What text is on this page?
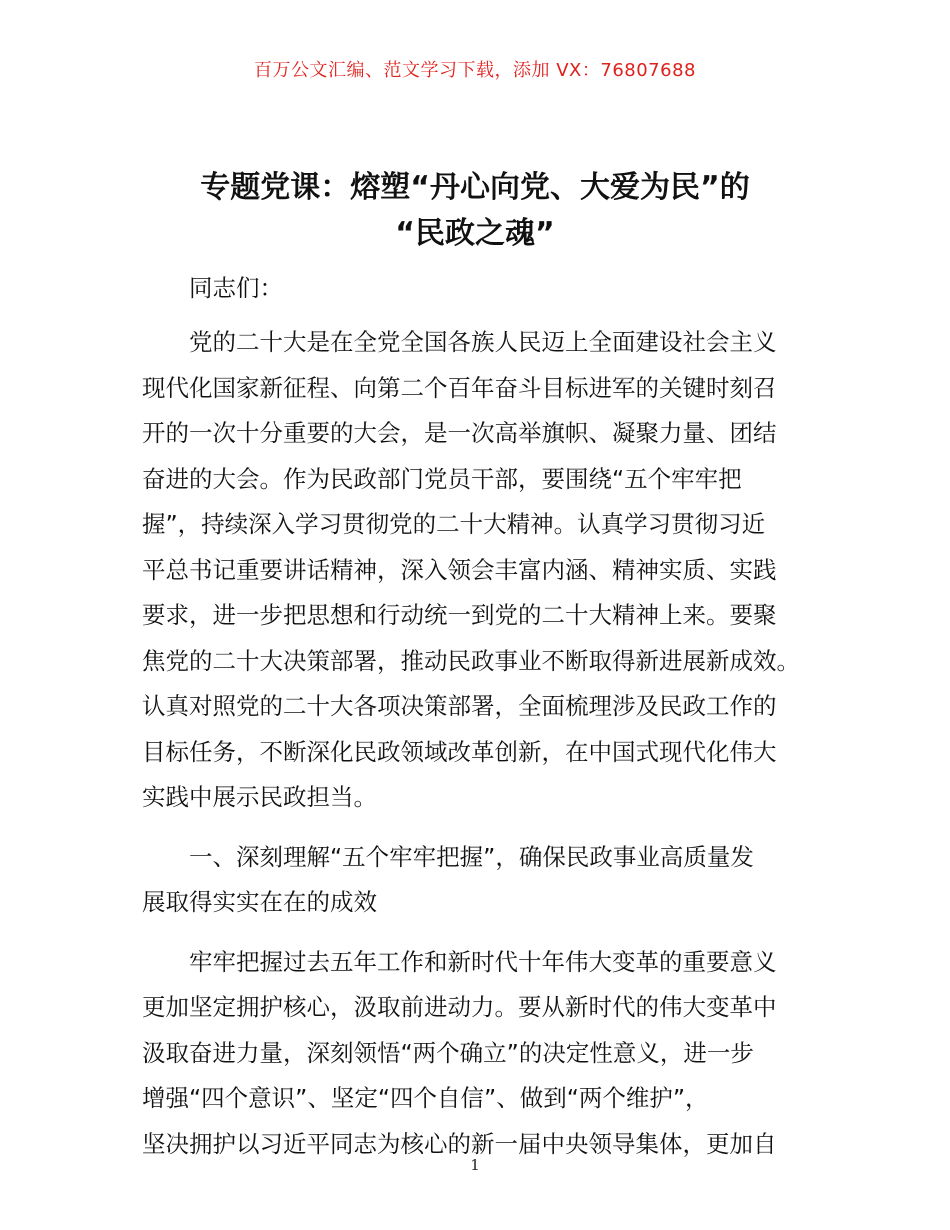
百万公文汇编、范文学习下载，添加 VX：76807688
专题党课：熔塑“丹心向党、大爱为民”的
“民政之魂”
同志们：
党的二十大是在全党全国各族人民迈上全面建设社会主义
现代化国家新征程、向第二个百年奋斗目标进军的关键时刻召
开的一次十分重要的大会，是一次高举旗帜、凝聚力量、团结
奋进的大会。作为民政部门党员干部，要围绕“五个牢牢把
握”，持续深入学习贯彻党的二十大精神。认真学习贯彻习近
平总书记重要讲话精神，深入领会丰富内涵、精神实质、实践
要求，进一步把思想和行动统一到党的二十大精神上来。要聚
焦党的二十大决策部署，推动民政事业不断取得新进展新成效。
认真对照党的二十大各项决策部署，全面梳理涉及民政工作的
目标任务，不断深化民政领域改革创新，在中国式现代化伟大
实践中展示民政担当。
一、深刻理解“五个牢牢把握”，确保民政事业高质量发
展取得实实在在的成效
牢牢把握过去五年工作和新时代十年伟大变革的重要意义
更加坚定拥护核心，汲取前进动力。要从新时代的伟大变革中
汲取奋进力量，深刻领悟“两个确立”的决定性意义，进一步
增强“四个意识”、坚定“四个自信”、做到“两个维护”，
坚决拥护以习近平同志为核心的新一届中央领导集体，更加自
1
